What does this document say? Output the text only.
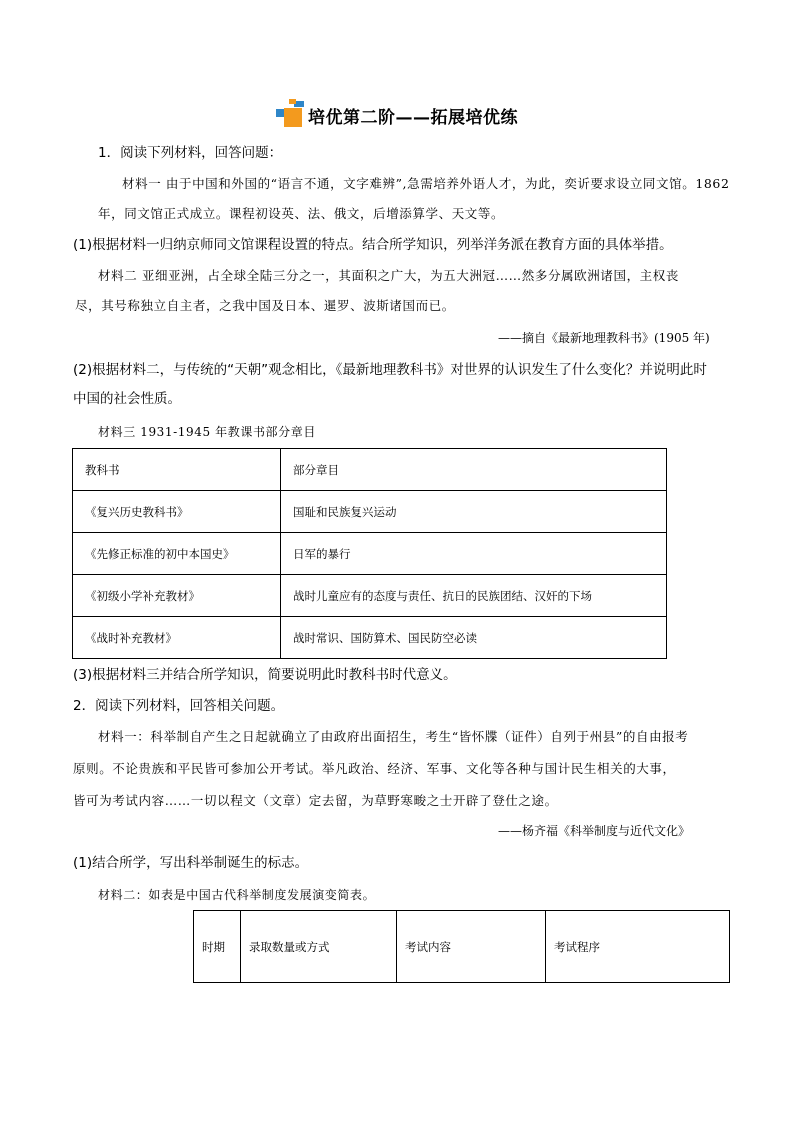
培优第二阶——拓展培优练
1．阅读下列材料，回答问题：
材料一 由于中国和外国的“语言不通，文字难辨”,急需培养外语人才，为此，奕䜣要求设立同文馆。1862
年，同文馆正式成立。课程初设英、法、俄文，后增添算学、天文等。
(1)根据材料一归纳京师同文馆课程设置的特点。结合所学知识，列举洋务派在教育方面的具体举措。
材料二 亚细亚洲，占全球全陆三分之一，其面积之广大，为五大洲冠……然多分属欧洲诸国，主权丧
尽，其号称独立自主者，之我中国及日本、暹罗、波斯诸国而已。
——摘自《最新地理教科书》(1905 年)
(2)根据材料二，与传统的“天朝”观念相比，《最新地理教科书》对世界的认识发生了什么变化？并说明此时
中国的社会性质。
材料三 1931-1945 年教课书部分章目
教科书	部分章目
《复兴历史教科书》	国耻和民族复兴运动
《先修正标准的初中本国史》	日军的暴行
《初级小学补充教材》	战时儿童应有的态度与责任、抗日的民族团结、汉奸的下场
《战时补充教材》	战时常识、国防算术、国民防空必读
(3)根据材料三并结合所学知识，简要说明此时教科书时代意义。
2．阅读下列材料，回答相关问题。
材料一：科举制自产生之日起就确立了由政府出面招生，考生“皆怀牒（证件）自列于州县”的自由报考
原则。不论贵族和平民皆可参加公开考试。举凡政治、经济、军事、文化等各种与国计民生相关的大事，
皆可为考试内容……一切以程文（文章）定去留，为草野寒畯之士开辟了登仕之途。
——杨齐福《科举制度与近代文化》
(1)结合所学，写出科举制诞生的标志。
材料二：如表是中国古代科举制度发展演变简表。
时期	录取数量或方式	考试内容	考试程序
